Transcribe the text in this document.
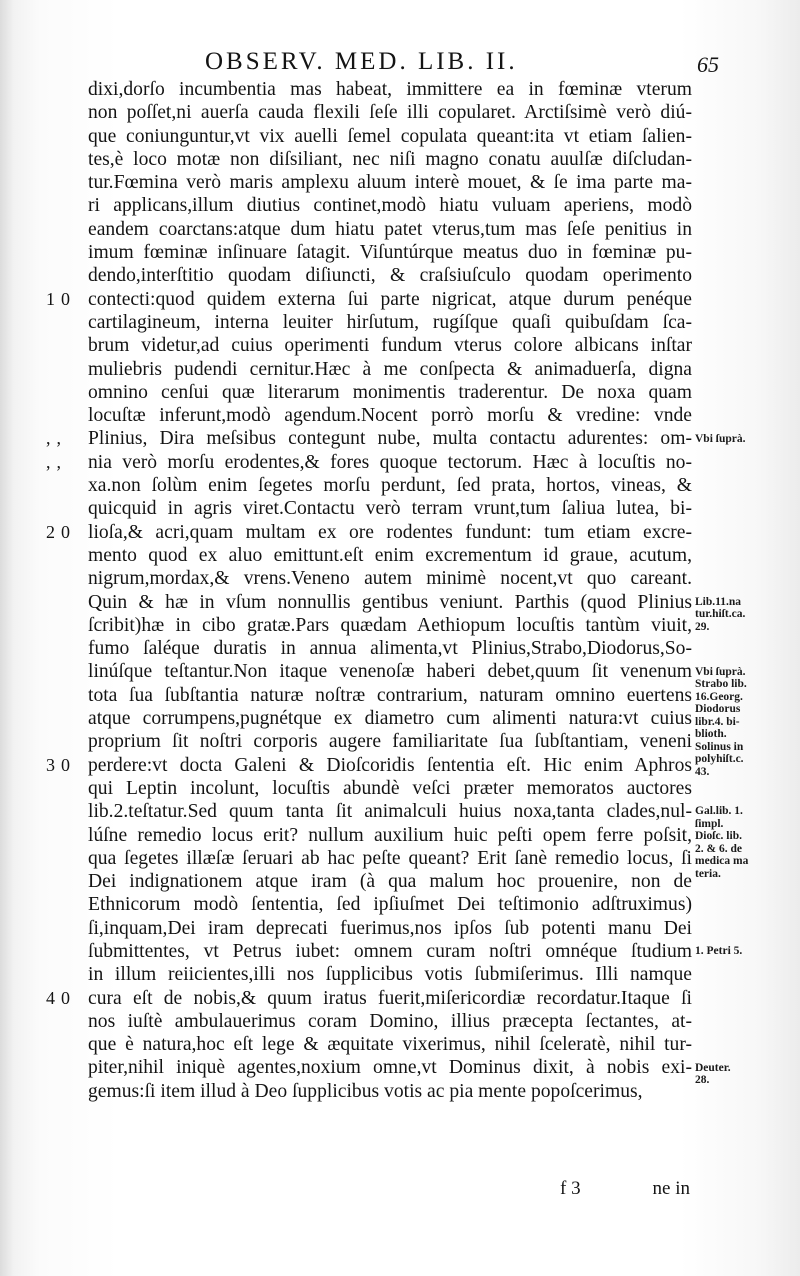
OBSERV. MED. LIB. II.	65
dixi,dorſo incumbentia mas habeat, immittere ea in fœminæ vterum
non poſſet,ni auerſa cauda flexili ſeſe illi copularet. Arctiſsimè verò diú-
que coniunguntur,vt vix auelli ſemel copulata queant:ita vt etiam ſalien-
tes,è loco motæ non diſsiliant, nec niſi magno conatu auulſæ diſcludan-
tur.Fœmina verò maris amplexu aluum interè mouet, & ſe ima parte ma-
ri applicans,illum diutius continet,modò hiatu vuluam aperiens, modò
eandem coarctans:atque dum hiatu patet vterus,tum mas ſeſe penitius in
imum fœminæ inſinuare ſatagit. Viſuntúrque meatus duo in fœminæ pu-
dendo,interſtitio quodam diſiuncti, & craſsiuſculo quodam operimento
contecti:quod quidem externa ſui parte nigricat, atque durum penéque
10
cartilagineum, interna leuiter hirſutum, rugíſque quaſi quibuſdam ſca-
brum videtur,ad cuius operimenti fundum vterus colore albicans inſtar
muliebris pudendi cernitur.Hæc à me conſpecta & animaduerſa, digna
omnino cenſui quæ literarum monimentis traderentur. De noxa quam
locuſtæ inferunt,modò agendum.Nocent porrò morſu & vredine: vnde
Plinius, Dira meſsibus contegunt nube, multa contactu adurentes: om-
,,
nia verò morſu erodentes,& fores quoque tectorum. Hæc à locuſtis no-
,,
xa.non ſolùm enim ſegetes morſu perdunt, ſed prata, hortos, vineas, &
quicquid in agris viret.Contactu verò terram vrunt,tum ſaliua lutea, bi-
lioſa,& acri,quam multam ex ore rodentes fundunt: tum etiam excre-
20
mento quod ex aluo emittunt.eſt enim excrementum id graue, acutum,
nigrum,mordax,& vrens.Veneno autem minimè nocent,vt quo careant.
Quin & hæ in vſum nonnullis gentibus veniunt. Parthis (quod Plinius
ſcribit)hæ in cibo gratæ.Pars quædam Aethiopum locuſtis tantùm viuit,
fumo ſaléque duratis in annua alimenta,vt Plinius,Strabo,Diodorus,So-
linúſque teſtantur.Non itaque venenoſæ haberi debet,quum ſit venenum
tota ſua ſubſtantia naturæ noſtræ contrarium, naturam omnino euertens
atque corrumpens,pugnétque ex diametro cum alimenti natura:vt cuius
proprium ſit noſtri corporis augere familiaritate ſua ſubſtantiam, veneni
perdere:vt docta Galeni & Dioſcoridis ſententia eſt. Hic enim Aphros
30
qui Leptin incolunt, locuſtis abundè veſci præter memoratos auctores
lib.2.teſtatur.Sed quum tanta ſit animalculi huius noxa,tanta clades,nul-
lúſne remedio locus erit? nullum auxilium huic peſti opem ferre poſsit,
qua ſegetes illæſæ ſeruari ab hac peſte queant? Erit ſanè remedio locus, ſi
Dei indignationem atque iram (à qua malum hoc prouenire, non de
Ethnicorum modò ſententia, ſed ipſiuſmet Dei teſtimonio adſtruximus)
ſi,inquam,Dei iram deprecati fuerimus,nos ipſos ſub potenti manu Dei
ſubmittentes, vt Petrus iubet: omnem curam noſtri omnéque ſtudium
in illum reiicientes,illi nos ſupplicibus votis ſubmiſerimus. Illi namque
cura eſt de nobis,& quum iratus fuerit,miſericordiæ recordatur.Itaque ſi
40
nos iuſtè ambulauerimus coram Domino, illius præcepta ſectantes, at-
que è natura,hoc eſt lege & æquitate vixerimus, nihil ſceleratè, nihil tur-
piter,nihil iniquè agentes,noxium omne,vt Dominus dixit, à nobis exi-
gemus:ſi item illud à Deo ſupplicibus votis ac pia mente popoſcerimus,
Vbi ſuprà.
Lib.11.na
tur.hiſt.ca.
29.
Vbi ſuprà.
Strabo lib.
16.Georg.
Diodorus
libr.4. bi-
blioth.
Solinus in
polyhiſt.c.
43.
Gal.lib. 1.
ſimpl.
Dioſc. lib.
2. & 6. de
medica ma
teria.
1. Petri 5.
Deuter.
28.
f 3	ne in
